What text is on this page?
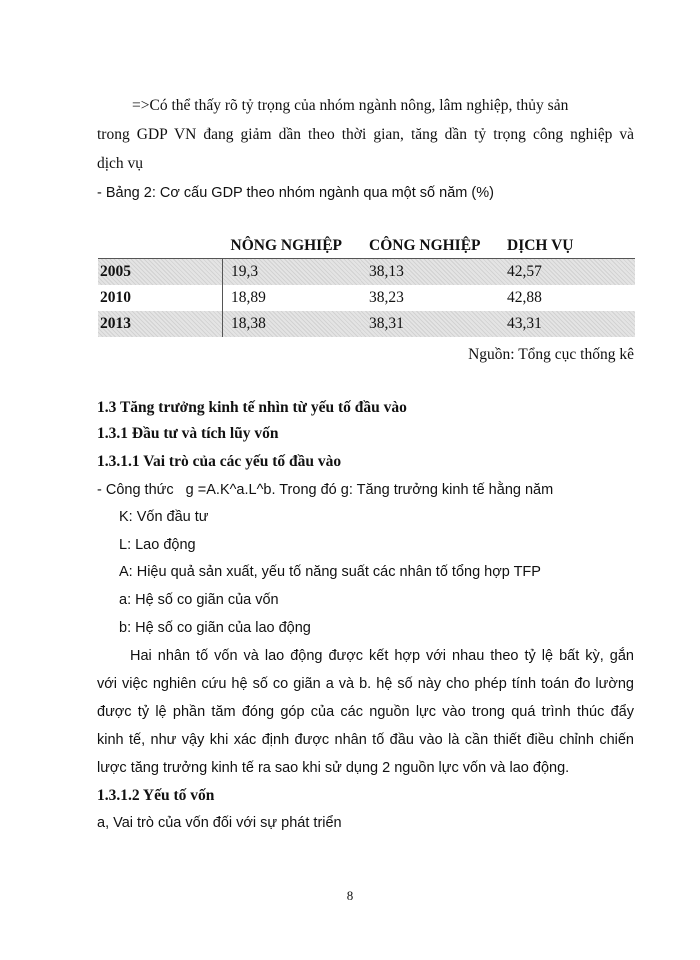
=>Có thể thấy rõ tỷ trọng của nhóm ngành nông, lâm nghiệp, thủy sản
trong GDP VN đang giảm dần theo thời gian, tăng dần tỷ trọng công nghiệp và
dịch vụ
- Bảng 2: Cơ cấu GDP theo nhóm ngành qua một số năm (%)
	NÔNG NGHIỆP	CÔNG NGHIỆP	DỊCH VỤ
2005	19,3	38,13	42,57
2010	18,89	38,23	42,88
2013	18,38	38,31	43,31
Nguồn: Tổng cục thống kê
1.3 Tăng trưởng kinh tế nhìn từ yếu tố đầu vào
1.3.1 Đầu tư và tích lũy vốn
1.3.1.1 Vai trò của các yếu tố đầu vào
- Công thức   g =A.K^a.L^b. Trong đó g: Tăng trưởng kinh tế hằng năm
K: Vốn đầu tư
L: Lao động
A: Hiệu quả sản xuất, yếu tố năng suất các nhân tố tổng hợp TFP
a: Hệ số co giãn của vốn
b: Hệ số co giãn của lao động
Hai nhân tố vốn và lao động được kết hợp với nhau theo tỷ lệ bất kỳ, gắn
với việc nghiên cứu hệ số co giãn a và b. hệ số này cho phép tính toán đo lường
được tỷ lệ phần tăm đóng góp của các nguồn lực vào trong quá trình thúc đẩy
kinh tế, như vậy khi xác định được nhân tố đầu vào là cần thiết điều chỉnh chiến
lược tăng trưởng kinh tế ra sao khi sử dụng 2 nguồn lực vốn và lao động.
1.3.1.2 Yếu tố vốn
a, Vai trò của vốn đối với sự phát triển
8
